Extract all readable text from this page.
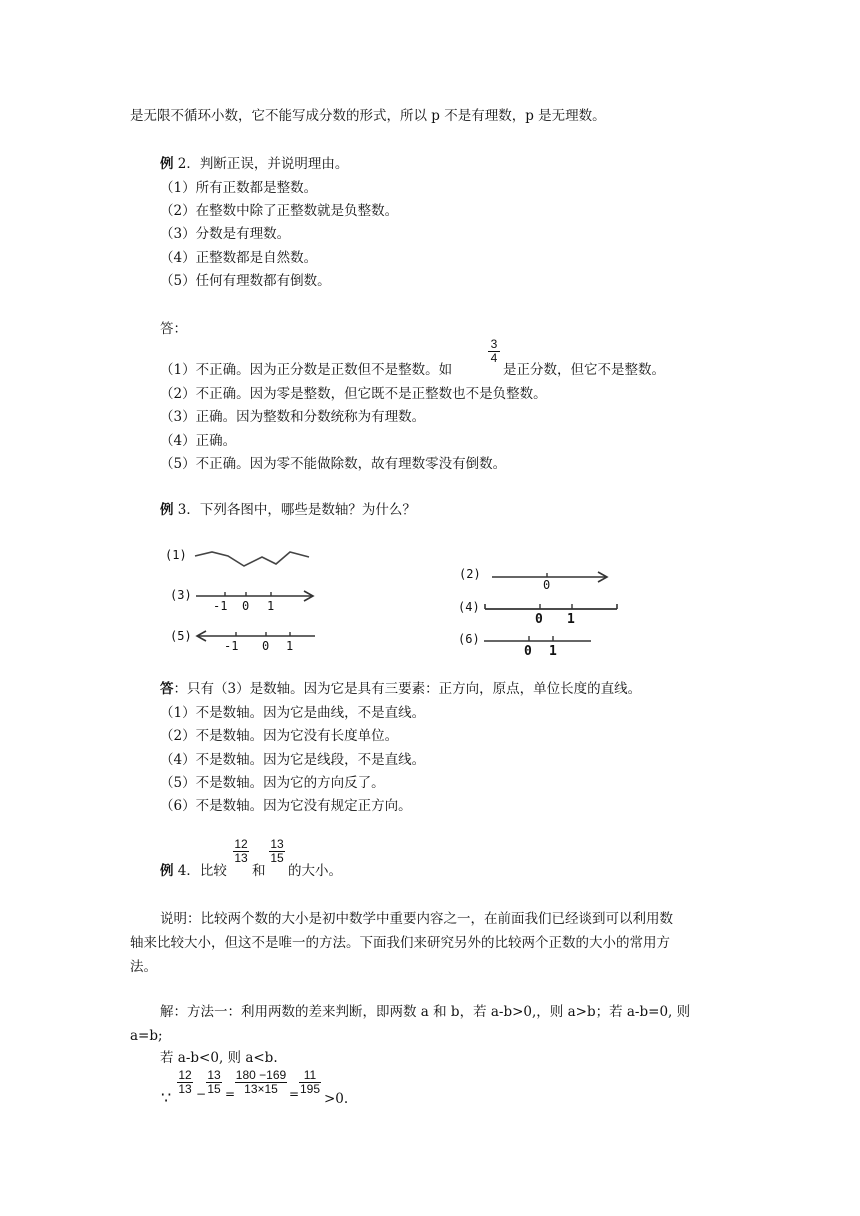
是无限不循环小数，它不能写成分数的形式，所以 p 不是有理数，p 是无理数。
例 2．判断正误，并说明理由。
（1）所有正数都是整数。
（2）在整数中除了正整数就是负整数。
（3）分数是有理数。
（4）正整数都是自然数。
（5）任何有理数都有倒数。
答：
（1）不正确。因为正分数是正数但不是整数。如
3
4
是正分数，但它不是整数。
（2）不正确。因为零是整数，但它既不是正整数也不是负整数。
（3）正确。因为整数和分数统称为有理数。
（4）正确。
（5）不正确。因为零不能做除数，故有理数零没有倒数。
例 3．下列各图中，哪些是数轴？为什么？
(1)
(3)
-1 0 1
(5)
-1 0 1
(2)
0
(4)
0 1
(6)
0 1
答：只有（3）是数轴。因为它是具有三要素：正方向，原点，单位长度的直线。
（1）不是数轴。因为它是曲线，不是直线。
（2）不是数轴。因为它没有长度单位。
（4）不是数轴。因为它是线段，不是直线。
（5）不是数轴。因为它的方向反了。
（6）不是数轴。因为它没有规定正方向。
例 4．比较
12
13
和
13
15
的大小。
说明：比较两个数的大小是初中数学中重要内容之一，在前面我们已经谈到可以利用数
轴来比较大小，但这不是唯一的方法。下面我们来研究另外的比较两个正数的大小的常用方
法。
解：方法一：利用两数的差来判断，即两数 a 和 b，若 a-b>0,，则 a>b；若 a-b=0, 则
a=b;
若 a-b<0, 则 a<b.
∵
12
13 −
13
15 =
180 −169
13×15 =
11
195
>0.
